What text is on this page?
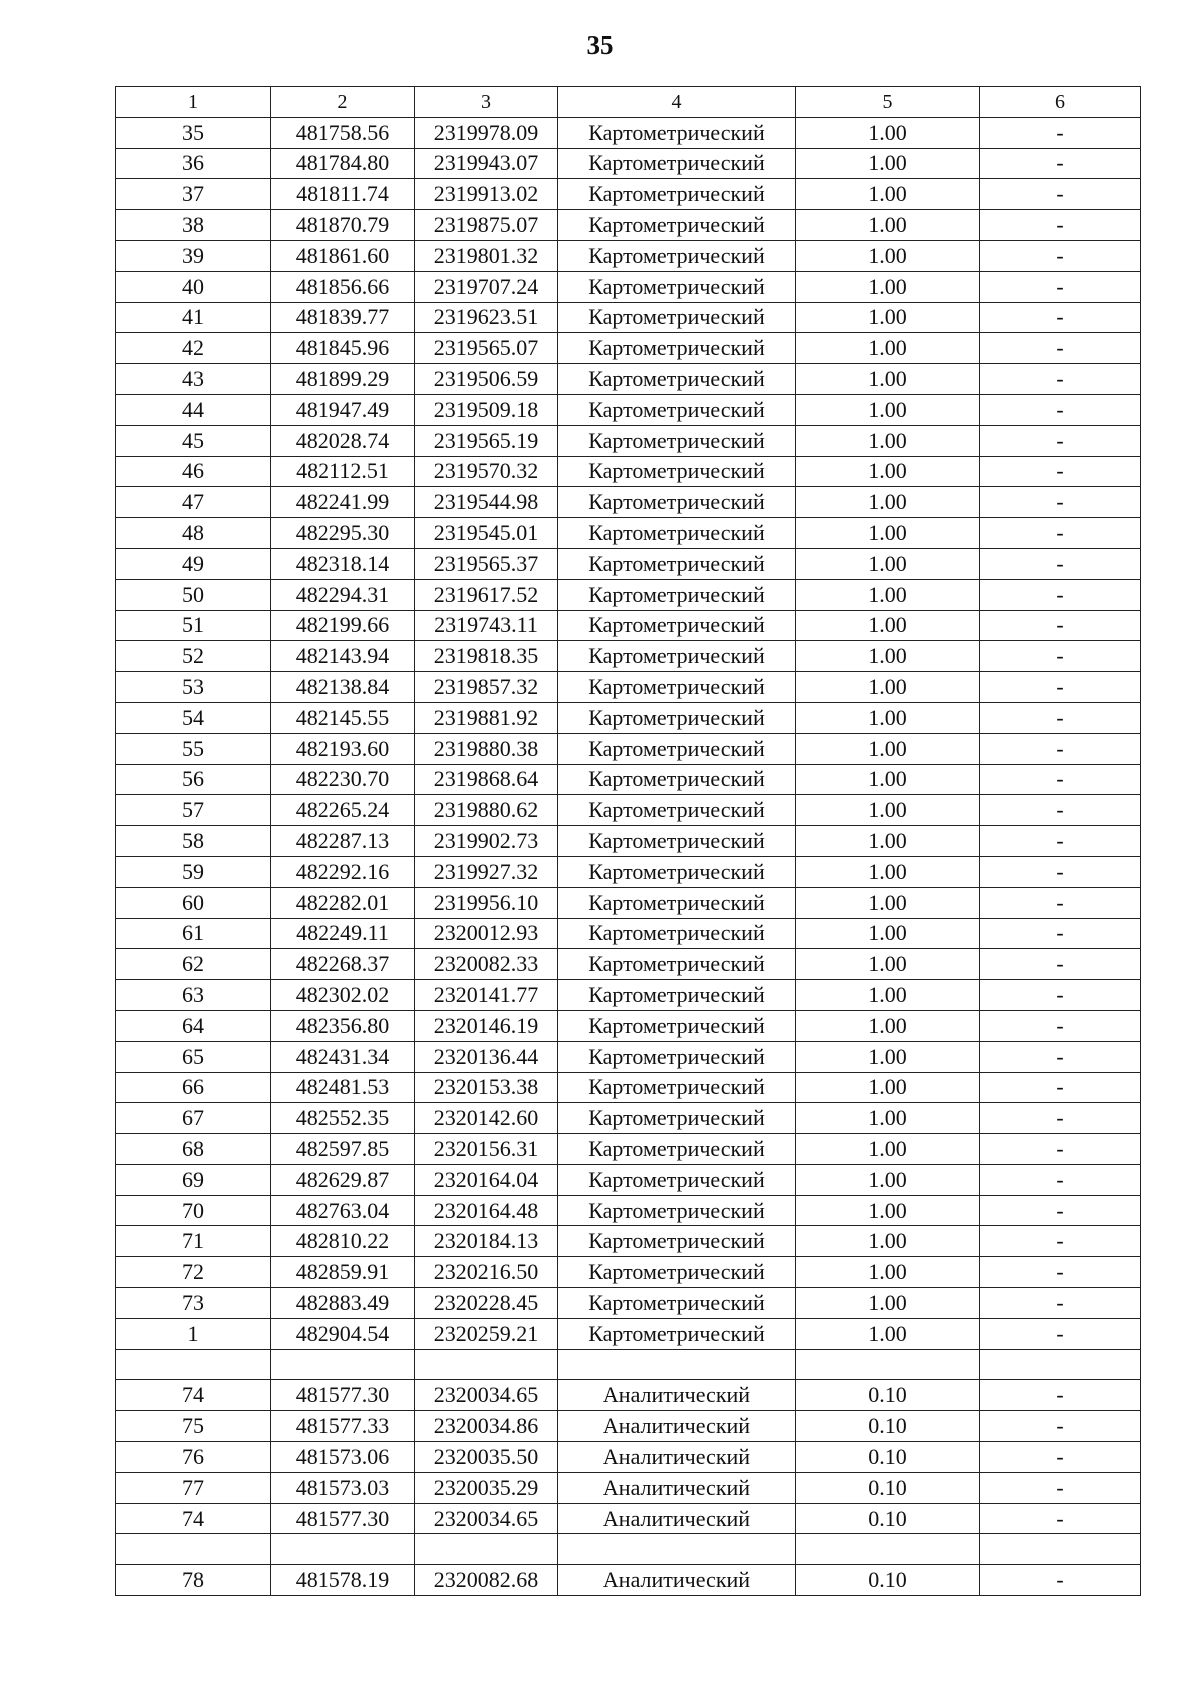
35
1	2	3	4	5	6
35	481758.56	2319978.09	Картометрический	1.00	-
36	481784.80	2319943.07	Картометрический	1.00	-
37	481811.74	2319913.02	Картометрический	1.00	-
38	481870.79	2319875.07	Картометрический	1.00	-
39	481861.60	2319801.32	Картометрический	1.00	-
40	481856.66	2319707.24	Картометрический	1.00	-
41	481839.77	2319623.51	Картометрический	1.00	-
42	481845.96	2319565.07	Картометрический	1.00	-
43	481899.29	2319506.59	Картометрический	1.00	-
44	481947.49	2319509.18	Картометрический	1.00	-
45	482028.74	2319565.19	Картометрический	1.00	-
46	482112.51	2319570.32	Картометрический	1.00	-
47	482241.99	2319544.98	Картометрический	1.00	-
48	482295.30	2319545.01	Картометрический	1.00	-
49	482318.14	2319565.37	Картометрический	1.00	-
50	482294.31	2319617.52	Картометрический	1.00	-
51	482199.66	2319743.11	Картометрический	1.00	-
52	482143.94	2319818.35	Картометрический	1.00	-
53	482138.84	2319857.32	Картометрический	1.00	-
54	482145.55	2319881.92	Картометрический	1.00	-
55	482193.60	2319880.38	Картометрический	1.00	-
56	482230.70	2319868.64	Картометрический	1.00	-
57	482265.24	2319880.62	Картометрический	1.00	-
58	482287.13	2319902.73	Картометрический	1.00	-
59	482292.16	2319927.32	Картометрический	1.00	-
60	482282.01	2319956.10	Картометрический	1.00	-
61	482249.11	2320012.93	Картометрический	1.00	-
62	482268.37	2320082.33	Картометрический	1.00	-
63	482302.02	2320141.77	Картометрический	1.00	-
64	482356.80	2320146.19	Картометрический	1.00	-
65	482431.34	2320136.44	Картометрический	1.00	-
66	482481.53	2320153.38	Картометрический	1.00	-
67	482552.35	2320142.60	Картометрический	1.00	-
68	482597.85	2320156.31	Картометрический	1.00	-
69	482629.87	2320164.04	Картометрический	1.00	-
70	482763.04	2320164.48	Картометрический	1.00	-
71	482810.22	2320184.13	Картометрический	1.00	-
72	482859.91	2320216.50	Картометрический	1.00	-
73	482883.49	2320228.45	Картометрический	1.00	-
1	482904.54	2320259.21	Картометрический	1.00	-

74	481577.30	2320034.65	Аналитический	0.10	-
75	481577.33	2320034.86	Аналитический	0.10	-
76	481573.06	2320035.50	Аналитический	0.10	-
77	481573.03	2320035.29	Аналитический	0.10	-
74	481577.30	2320034.65	Аналитический	0.10	-

78	481578.19	2320082.68	Аналитический	0.10	-
